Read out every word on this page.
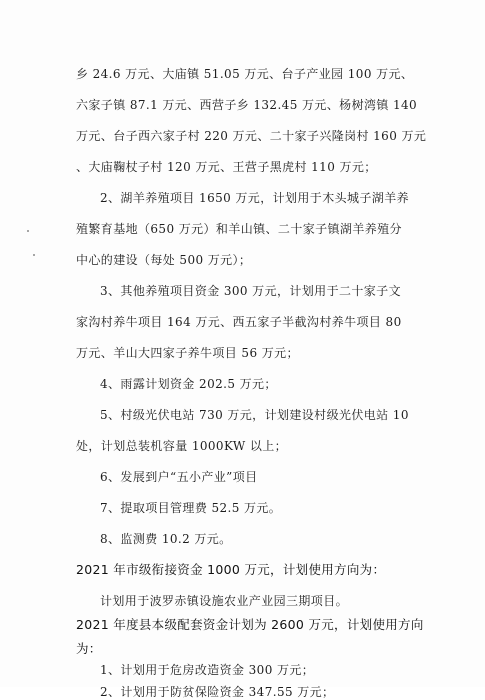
乡 24.6 万元、大庙镇 51.05 万元、台子产业园 100 万元、
六家子镇 87.1 万元、西营子乡 132.45 万元、杨树湾镇 140
万元、台子西六家子村 220 万元、二十家子兴隆岗村 160 万元
、大庙鞠杖子村 120 万元、王营子黑虎村 110 万元；
2、湖羊养殖项目 1650 万元，计划用于木头城子湖羊养
殖繁育基地（650 万元）和羊山镇、二十家子镇湖羊养殖分
中心的建设（每处 500 万元）；
3、其他养殖项目资金 300 万元，计划用于二十家子文
家沟村养牛项目 164 万元、西五家子半截沟村养牛项目 80
万元、羊山大四家子养牛项目 56 万元；
4、雨露计划资金 202.5 万元；
5、村级光伏电站 730 万元，计划建设村级光伏电站 10
处，计划总装机容量 1000KW 以上；
6、发展到户“五小产业”项目
7、提取项目管理费 52.5 万元。
8、监测费 10.2 万元。
2021 年市级衔接资金 1000 万元，计划使用方向为：
计划用于波罗赤镇设施农业产业园三期项目。
2021 年度县本级配套资金计划为 2600 万元，计划使用方向
为：
1、计划用于危房改造资金 300 万元；
2、计划用于防贫保险资金 347.55 万元；
